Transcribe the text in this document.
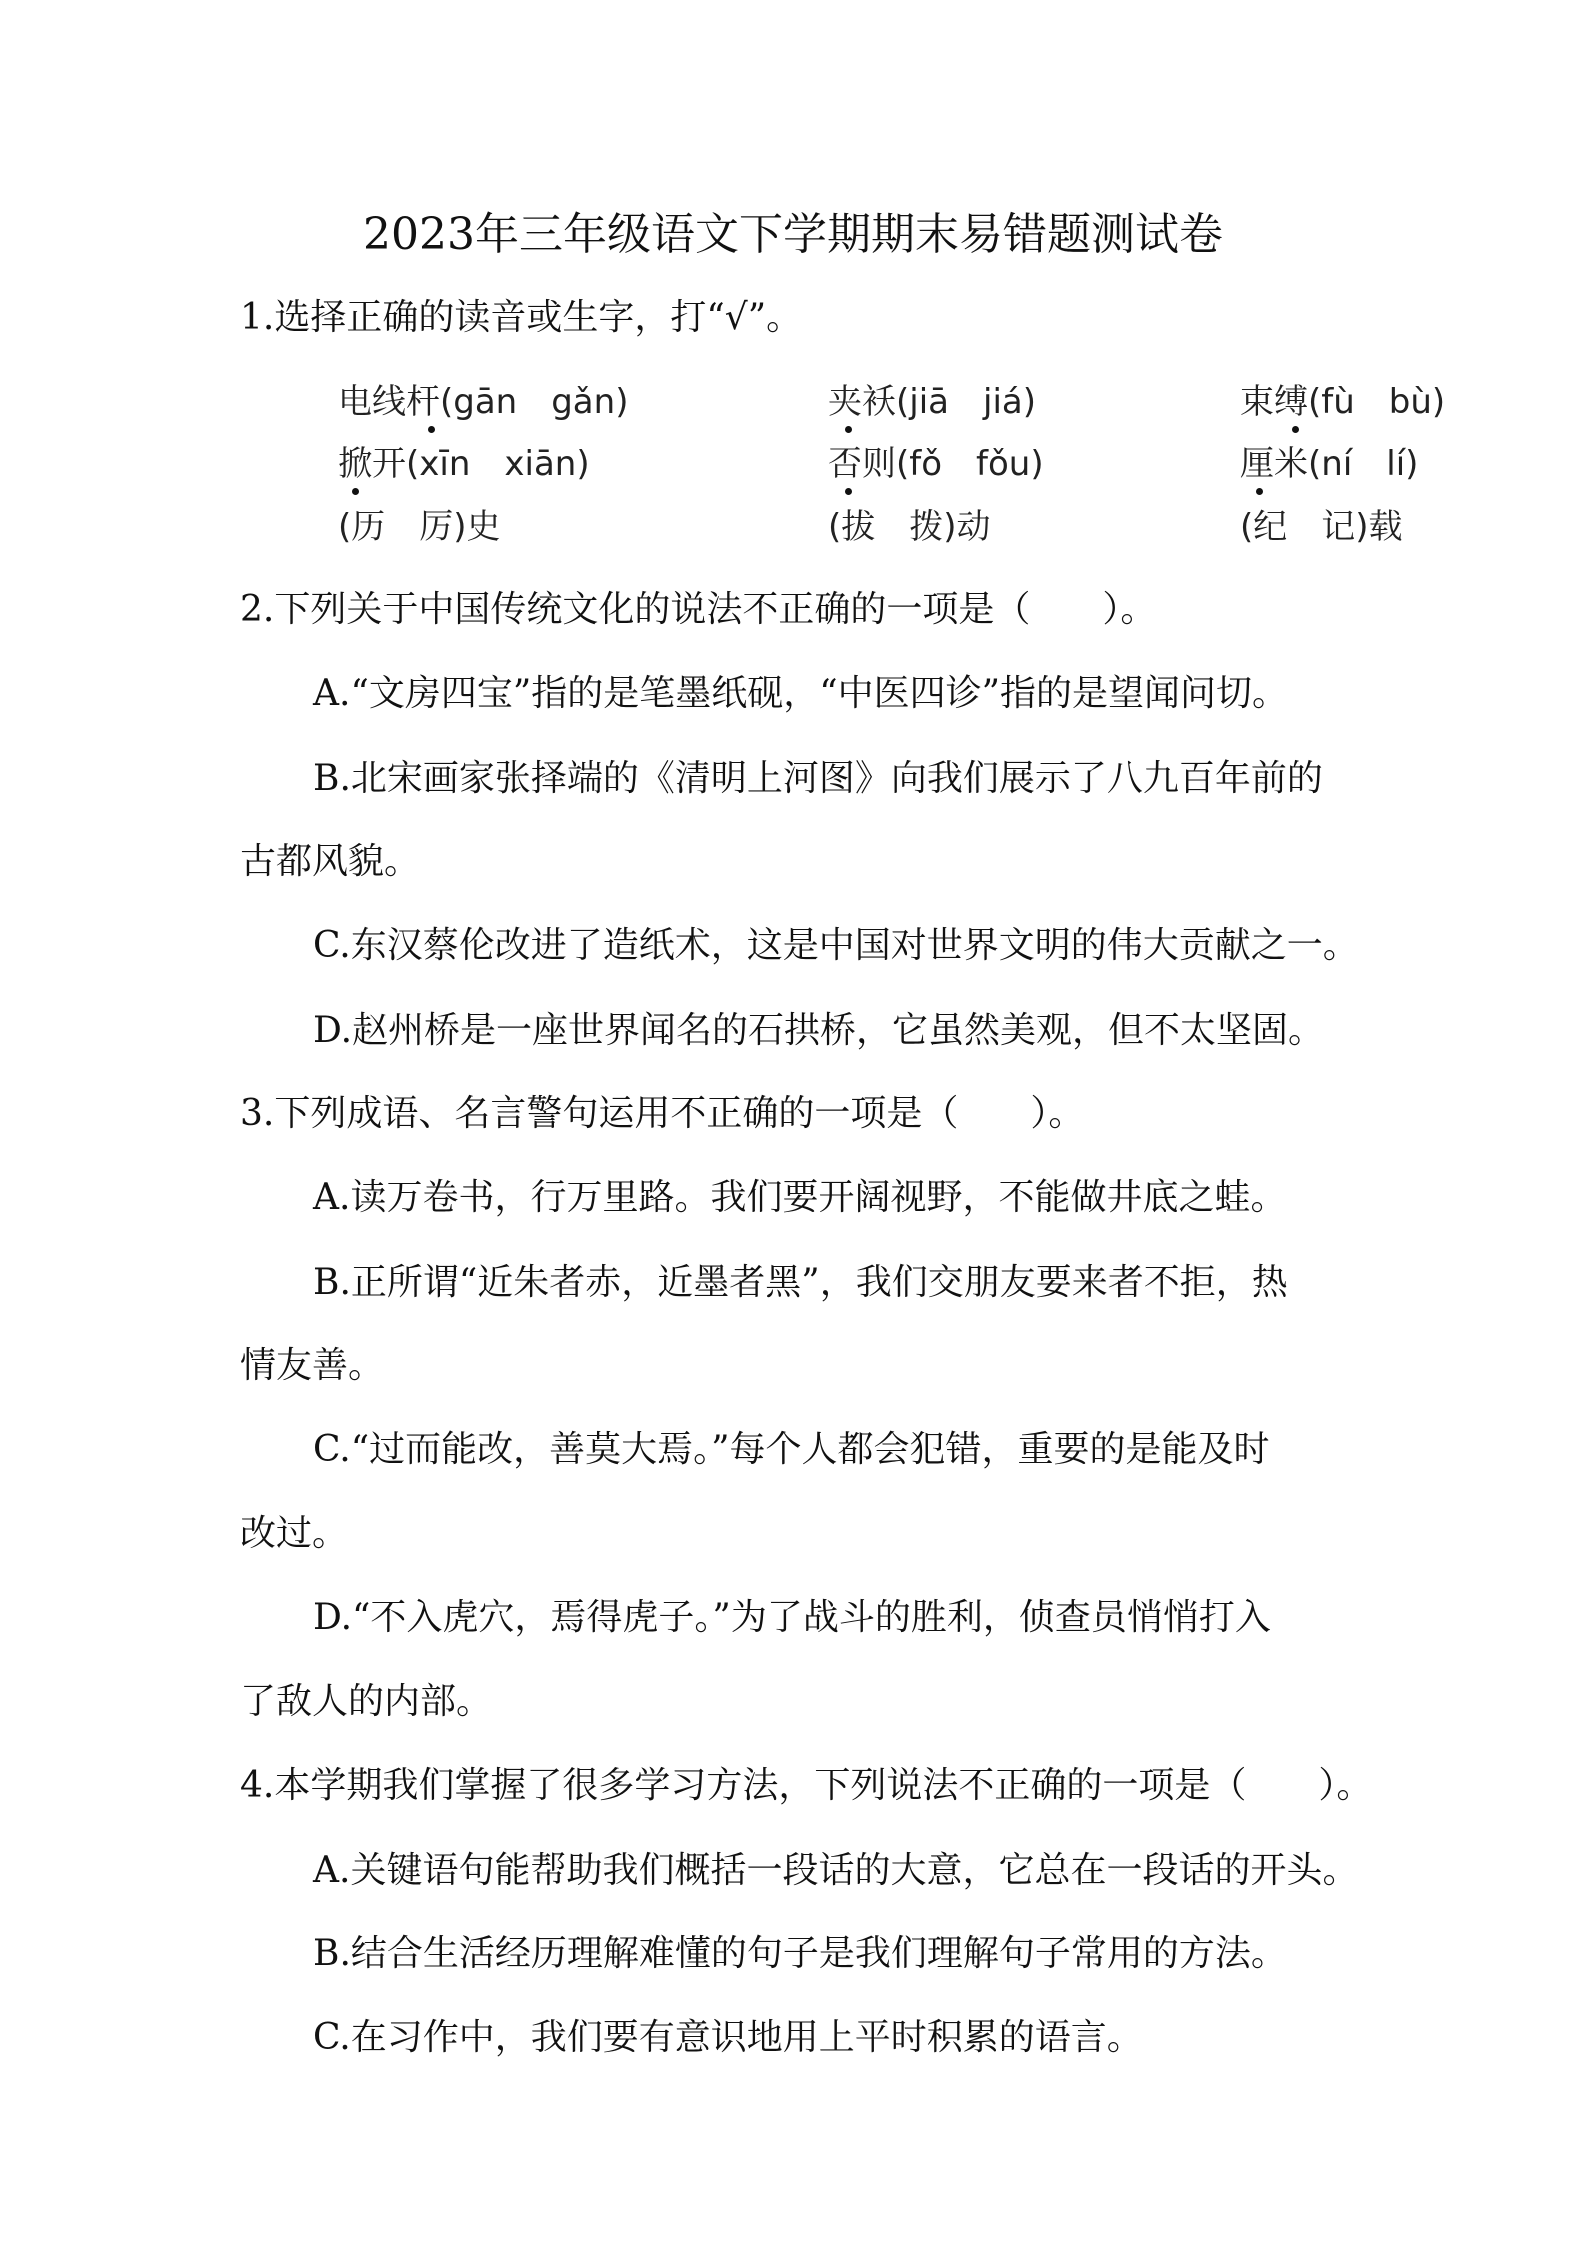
2023年三年级语文下学期期末易错题测试卷

1.选择正确的读音或生字，打“√”。

电线杆(gān　gǎn)	夹袄(jiā　jiá)	束缚(fù　bù)
掀开(xīn　xiān)	否则(fǒ　fǒu)	厘米(ní　lí)
(历　厉)史	(拔　拨)动	(纪　记)载

2.下列关于中国传统文化的说法不正确的一项是（　　）。

A.“文房四宝”指的是笔墨纸砚，“中医四诊”指的是望闻问切。

B.北宋画家张择端的《清明上河图》向我们展示了八九百年前的

古都风貌。

C.东汉蔡伦改进了造纸术，这是中国对世界文明的伟大贡献之一。

D.赵州桥是一座世界闻名的石拱桥，它虽然美观，但不太坚固。

3.下列成语、名言警句运用不正确的一项是（　　）。

A.读万卷书，行万里路。我们要开阔视野，不能做井底之蛙。

B.正所谓“近朱者赤，近墨者黑”，我们交朋友要来者不拒，热

情友善。

C.“过而能改，善莫大焉。”每个人都会犯错，重要的是能及时

改过。

D.“不入虎穴，焉得虎子。”为了战斗的胜利，侦查员悄悄打入

了敌人的内部。

4.本学期我们掌握了很多学习方法，下列说法不正确的一项是（　　）。

A.关键语句能帮助我们概括一段话的大意，它总在一段话的开头。

B.结合生活经历理解难懂的句子是我们理解句子常用的方法。

C.在习作中，我们要有意识地用上平时积累的语言。
